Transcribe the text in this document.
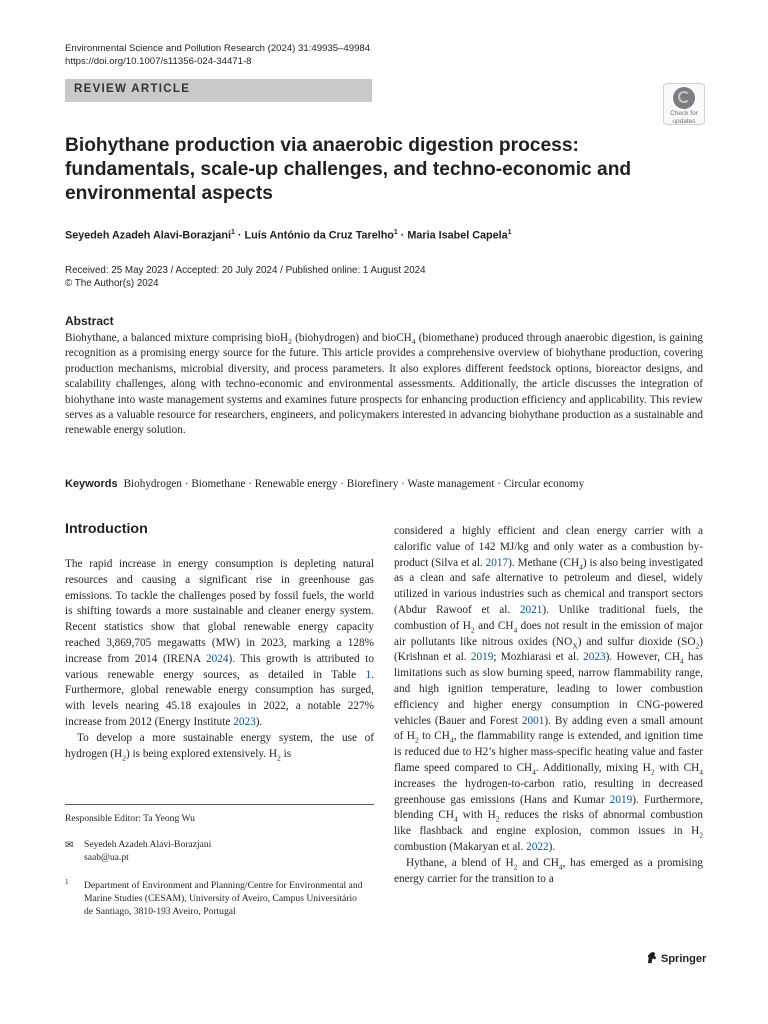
Environmental Science and Pollution Research (2024) 31:49935–49984
https://doi.org/10.1007/s11356-024-34471-8
REVIEW ARTICLE
Check for
updates
Biohythane production via anaerobic digestion process: fundamentals, scale-up challenges, and techno-economic and environmental aspects
Seyedeh Azadeh Alavi-Borazjani$^1$ · Luís António da Cruz Tarelho$^1$ · Maria Isabel Capela$^1$
Received: 25 May 2023 / Accepted: 20 July 2024 / Published online: 1 August 2024
© The Author(s) 2024
Abstract
Biohythane, a balanced mixture comprising bioH$_2$ (biohydrogen) and bioCH$_4$ (biomethane) produced through anaerobic digestion, is gaining recognition as a promising energy source for the future. This article provides a comprehensive overview of biohythane production, covering production mechanisms, microbial diversity, and process parameters. It also explores different feedstock options, bioreactor designs, and scalability challenges, along with techno-economic and environmental assessments. Additionally, the article discusses the integration of biohythane into waste management systems and examines future prospects for enhancing production efficiency and applicability. This review serves as a valuable resource for researchers, engineers, and policymakers interested in advancing biohythane production as a sustainable and renewable energy solution.
Keywords Biohydrogen · Biomethane · Renewable energy · Biorefinery · Waste management · Circular economy
Introduction

The rapid increase in energy consumption is depleting natural resources and causing a significant rise in greenhouse gas emissions. To tackle the challenges posed by fossil fuels, the world is shifting towards a more sustainable and cleaner energy system. Recent statistics show that global renewable energy capacity reached 3,869,705 megawatts (MW) in 2023, marking a 128% increase from 2014 (IRENA 2024). This growth is attributed to various renewable energy sources, as detailed in Table 1. Furthermore, global renewable energy consumption has surged, with levels nearing 45.18 exajoules in 2022, a notable 227% increase from 2012 (Energy Institute 2023).

To develop a more sustainable energy system, the use of hydrogen $(H_2)$ is being explored extensively. $H_2$ is

considered a highly efficient and clean energy carrier with a calorific value of 142 MJ/kg and only water as a combustion by-product (Silva et al. 2017). Methane $(CH_4)$ is also being investigated as a clean and safe alternative to petroleum and diesel, widely utilized in various industries such as chemical and transport sectors (Abdur Rawoof et al. 2021). Unlike traditional fuels, the combustion of $H_2$ and $CH_4$ does not result in the emission of major air pollutants like nitrous oxides $(NO_X)$ and sulfur dioxide $(SO_2)$ (Krishnan et al. 2019; Mozhiarasi et al. 2023). However, $CH_4$ has limitations such as slow burning speed, narrow flammability range, and high ignition temperature, leading to lower combustion efficiency and higher energy consumption in CNG-powered vehicles (Bauer and Forest 2001). By adding even a small amount of $H_2$ to $CH_4$, the flammability range is extended, and ignition time is reduced due to H2’s higher mass-specific heating value and faster flame speed compared to $CH_4$. Additionally, mixing $H_2$ with $CH_4$ increases the hydrogen-to-carbon ratio, resulting in decreased greenhouse gas emissions (Hans and Kumar 2019). Furthermore, blending $CH_4$ with $H_2$ reduces the risks of abnormal combustion like flashback and engine explosion, common issues in $H_2$ combustion (Makaryan et al. 2022).

Hythane, a blend of $H_2$ and $CH_4$, has emerged as a promising energy carrier for the transition to a

Responsible Editor: Ta Yeong Wu
✉ Seyedeh Azadeh Alavi-Borazjani
saab@ua.pt
1 Department of Environment and Planning/Centre for Environmental and Marine Studies (CESAM), University of Aveiro, Campus Universitário de Santiago, 3810-193 Aveiro, Portugal
Springer
